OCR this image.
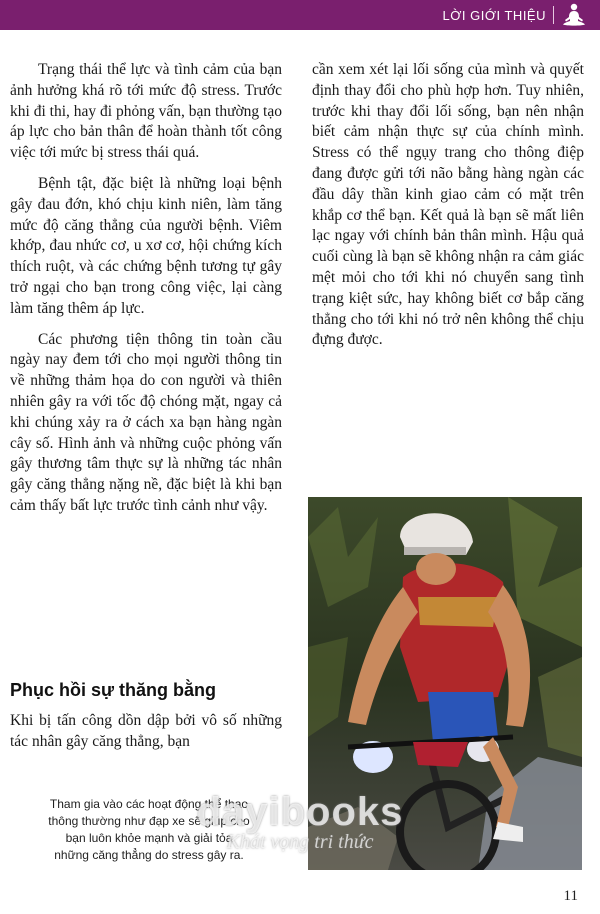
LỜI GIỚI THIỆU

Trạng thái thể lực và tình cảm của bạn ảnh hưởng khá rõ tới mức độ stress. Trước khi đi thi, hay đi phỏng vấn, bạn thường tạo áp lực cho bản thân để hoàn thành tốt công việc tới mức bị stress thái quá.

Bệnh tật, đặc biệt là những loại bệnh gây đau đớn, khó chịu kinh niên, làm tăng mức độ căng thẳng của người bệnh. Viêm khớp, đau nhức cơ, u xơ cơ, hội chứng kích thích ruột, và các chứng bệnh tương tự gây trở ngại cho bạn trong công việc, lại càng làm tăng thêm áp lực.

Các phương tiện thông tin toàn cầu ngày nay đem tới cho mọi người thông tin về những thảm họa do con người và thiên nhiên gây ra với tốc độ chóng mặt, ngay cả khi chúng xảy ra ở cách xa bạn hàng ngàn cây số. Hình ảnh và những cuộc phỏng vấn gây thương tâm thực sự là những tác nhân gây căng thẳng nặng nề, đặc biệt là khi bạn cảm thấy bất lực trước tình cảnh như vậy.

Phục hồi sự thăng bằng

Khi bị tấn công dồn dập bởi vô số những tác nhân gây căng thẳng, bạn

Tham gia vào các hoạt động thể thao
thông thường như đạp xe sẽ giúp cho
bạn luôn khỏe mạnh và giải tỏa
những căng thẳng do stress gây ra.

cần xem xét lại lối sống của mình và quyết định thay đổi cho phù hợp hơn. Tuy nhiên, trước khi thay đổi lối sống, bạn nên nhận biết cảm nhận thực sự của chính mình. Stress có thể ngụy trang cho thông điệp đang được gửi tới não bằng hàng ngàn các đầu dây thần kinh giao cảm có mặt trên khắp cơ thể bạn. Kết quả là bạn sẽ mất liên lạc ngay với chính bản thân mình. Hậu quả cuối cùng là bạn sẽ không nhận ra cảm giác mệt mỏi cho tới khi nó chuyển sang tình trạng kiệt sức, hay không biết cơ bắp căng thẳng cho tới khi nó trở nên không thể chịu đựng được.

dayibooks
Khát vọng tri thức
11
